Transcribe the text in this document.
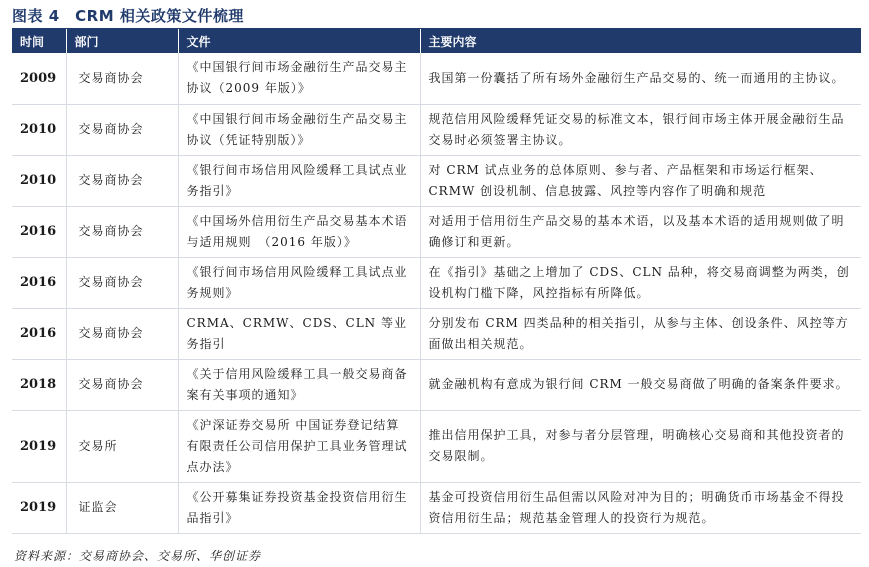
图表 4　CRM 相关政策文件梳理
时间	部门	文件	主要内容
2009	交易商协会	《中国银行间市场金融衍生产品交易主协议（2009 年版）》	我国第一份囊括了所有场外金融衍生产品交易的、统一而通用的主协议。
2010	交易商协会	《中国银行间市场金融衍生产品交易主协议（凭证特别版）》	规范信用风险缓释凭证交易的标准文本，银行间市场主体开展金融衍生品交易时必须签署主协议。
2010	交易商协会	《银行间市场信用风险缓释工具试点业务指引》	对 CRM 试点业务的总体原则、参与者、产品框架和市场运行框架、CRMW 创设机制、信息披露、风控等内容作了明确和规范
2016	交易商协会	《中国场外信用衍生产品交易基本术语与适用规则　（2016 年版）》	对适用于信用衍生产品交易的基本术语，以及基本术语的适用规则做了明确修订和更新。
2016	交易商协会	《银行间市场信用风险缓释工具试点业务规则》	在《指引》基础之上增加了 CDS、CLN 品种，将交易商调整为两类，创设机构门槛下降，风控指标有所降低。
2016	交易商协会	CRMA、CRMW、CDS、CLN 等业务指引	分别发布 CRM 四类品种的相关指引，从参与主体、创设条件、风控等方面做出相关规范。
2018	交易商协会	《关于信用风险缓释工具一般交易商备案有关事项的通知》	就金融机构有意成为银行间 CRM 一般交易商做了明确的备案条件要求。
2019	交易所	《沪深证券交易所 中国证券登记结算有限责任公司信用保护工具业务管理试点办法》	推出信用保护工具，对参与者分层管理，明确核心交易商和其他投资者的交易限制。
2019	证监会	《公开募集证券投资基金投资信用衍生品指引》	基金可投资信用衍生品但需以风险对冲为目的；明确货币市场基金不得投资信用衍生品；规范基金管理人的投资行为规范。
资料来源：交易商协会、交易所、华创证券
